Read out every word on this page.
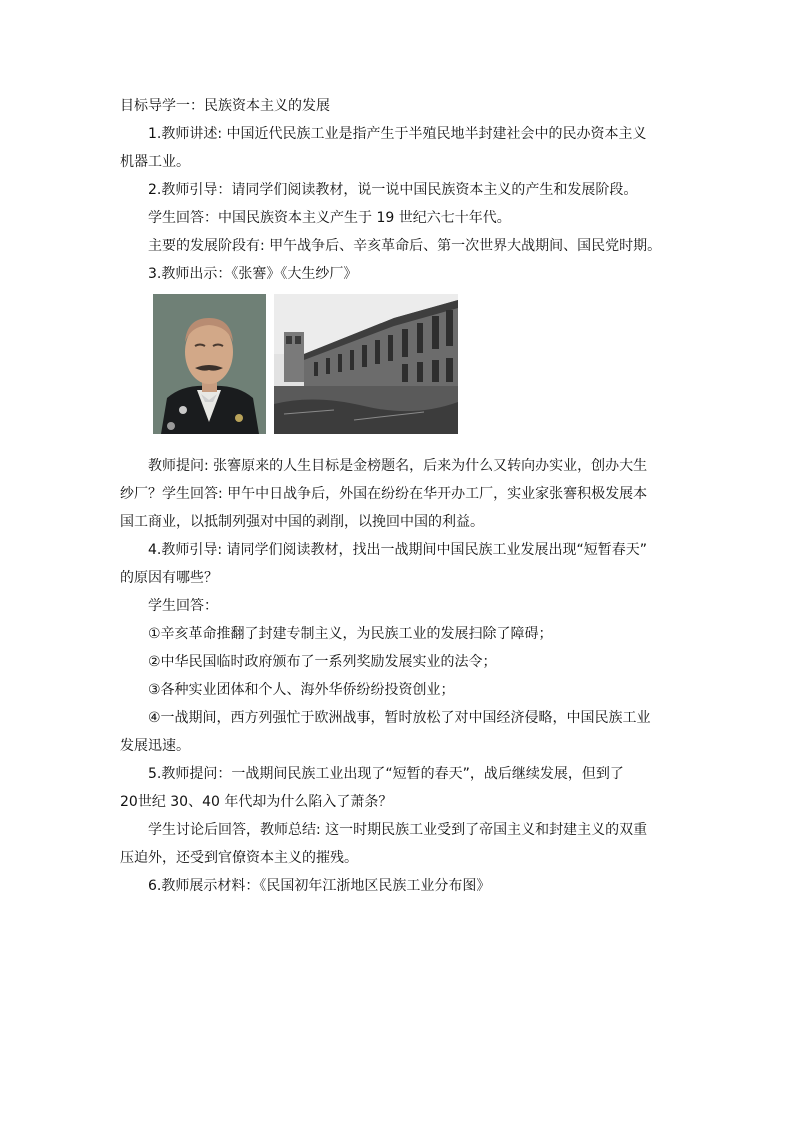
目标导学一：民族资本主义的发展
1.教师讲述: 中国近代民族工业是指产生于半殖民地半封建社会中的民办资本主义
机器工业。
2.教师引导：请同学们阅读教材，说一说中国民族资本主义的产生和发展阶段。
学生回答：中国民族资本主义产生于 19 世纪六七十年代。
主要的发展阶段有: 甲午战争后、辛亥革命后、第一次世界大战期间、国民党时期。
3.教师出示：《张謇》《大生纱厂》
教师提问: 张謇原来的人生目标是金榜题名，后来为什么又转向办实业，创办大生
纱厂？学生回答: 甲午中日战争后，外国在纷纷在华开办工厂，实业家张謇积极发展本
国工商业，以抵制列强对中国的剥削，以挽回中国的利益。
4.教师引导: 请同学们阅读教材，找出一战期间中国民族工业发展出现“短暂春天”
的原因有哪些？
学生回答：
①辛亥革命推翻了封建专制主义，为民族工业的发展扫除了障碍；
②中华民国临时政府颁布了一系列奖励发展实业的法令；
③各种实业团体和个人、海外华侨纷纷投资创业；
④一战期间，西方列强忙于欧洲战事，暂时放松了对中国经济侵略，中国民族工业
发展迅速。
5.教师提问：一战期间民族工业出现了“短暂的春天”，战后继续发展，但到了
20世纪 30、40 年代却为什么陷入了萧条？
学生讨论后回答，教师总结: 这一时期民族工业受到了帝国主义和封建主义的双重
压迫外，还受到官僚资本主义的摧残。
6.教师展示材料：《民国初年江浙地区民族工业分布图》
